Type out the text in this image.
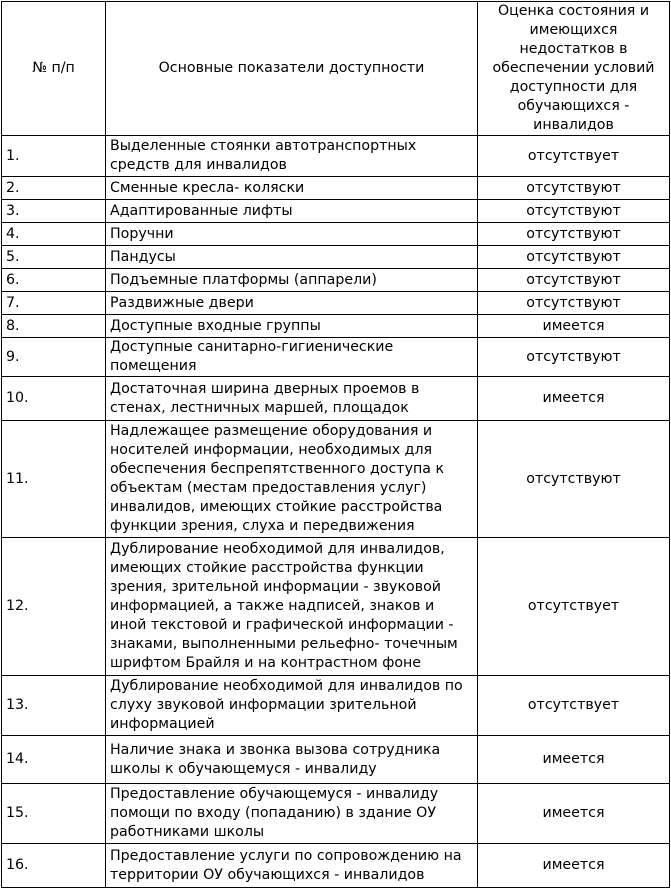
№ п/п	Основные показатели доступности	Оценка состояния и имеющихся недостатков в обеспечении условий доступности для обучающихся - инвалидов
1.	Выделенные стоянки автотранспортных средств для инвалидов	отсутствует
2.	Сменные кресла- коляски	отсутствуют
3.	Адаптированные лифты	отсутствуют
4.	Поручни	отсутствуют
5.	Пандусы	отсутствуют
6.	Подъемные платформы (аппарели)	отсутствуют
7.	Раздвижные двери	отсутствуют
8.	Доступные входные группы	имеется
9.	Доступные санитарно-гигиенические помещения	отсутствуют
10.	Достаточная ширина дверных проемов в стенах, лестничных маршей, площадок	имеется
11.	Надлежащее размещение оборудования и носителей информации, необходимых для обеспечения беспрепятственного доступа к объектам (местам предоставления услуг) инвалидов, имеющих стойкие расстройства функции зрения, слуха и передвижения	отсутствуют
12.	Дублирование необходимой для инвалидов, имеющих стойкие расстройства функции зрения, зрительной информации - звуковой информацией, а также надписей, знаков и иной текстовой и графической информации - знаками, выполненными рельефно- точечным шрифтом Брайля и на контрастном фоне	отсутствует
13.	Дублирование необходимой для инвалидов по слуху звуковой информации зрительной информацией	отсутствует
14.	Наличие знака и звонка вызова сотрудника школы к обучающемуся - инвалиду	имеется
15.	Предоставление обучающемуся - инвалиду помощи по входу (попаданию) в здание ОУ работниками школы	имеется
16.	Предоставление услуги по сопровождению на территории ОУ обучающихся - инвалидов	имеется
